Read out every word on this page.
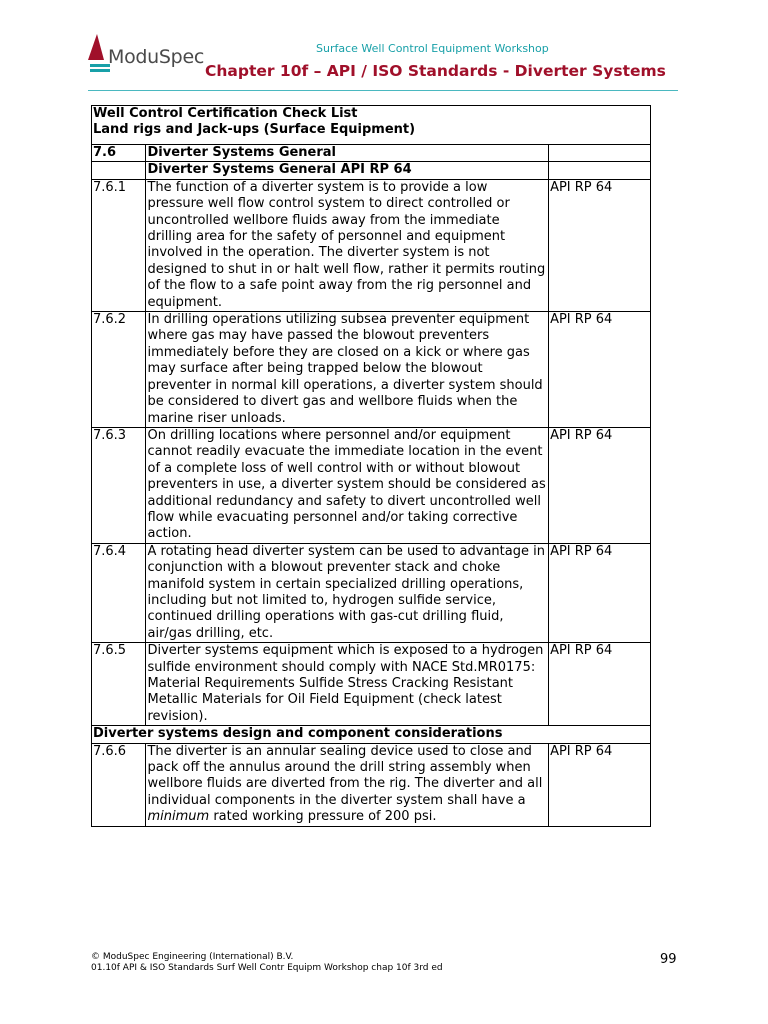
ModuSpec	Surface Well Control Equipment Workshop
Chapter 10f – API / ISO Standards - Diverter Systems
Well Control Certification Check List
Land rigs and Jack-ups (Surface Equipment)		

7.6	Diverter Systems General	
	Diverter Systems General API RP 64	
7.6.1	The function of a diverter system is to provide a low pressure well flow control system to direct controlled or uncontrolled wellbore fluids away from the immediate drilling area for the safety of personnel and equipment involved in the operation. The diverter system is not designed to shut in or halt well flow, rather it permits routing of the flow to a safe point away from the rig personnel and equipment.	API RP 64
7.6.2	In drilling operations utilizing subsea preventer equipment where gas may have passed the blowout preventers immediately before they are closed on a kick or where gas may surface after being trapped below the blowout preventer in normal kill operations, a diverter system should be considered to divert gas and wellbore fluids when the marine riser unloads.	API RP 64
7.6.3	On drilling locations where personnel and/or equipment cannot readily evacuate the immediate location in the event of a complete loss of well control with or without blowout preventers in use, a diverter system should be considered as additional redundancy and safety to divert uncontrolled well flow while evacuating personnel and/or taking corrective action.	API RP 64
7.6.4	A rotating head diverter system can be used to advantage in conjunction with a blowout preventer stack and choke manifold system in certain specialized drilling operations, including but not limited to, hydrogen sulfide service, continued drilling operations with gas-cut drilling fluid, air/gas drilling, etc.	API RP 64
7.6.5	Diverter systems equipment which is exposed to a hydrogen sulfide environment should comply with NACE Std.MR0175: Material Requirements Sulfide Stress Cracking Resistant Metallic Materials for Oil Field Equipment (check latest revision).	API RP 64
Diverter systems design and component considerations		
7.6.6	The diverter is an annular sealing device used to close and pack off the annulus around the drill string assembly when wellbore fluids are diverted from the rig. The diverter and all individual components in the diverter system shall have a minimum rated working pressure of 200 psi.	API RP 64
© ModuSpec Engineering (International) B.V.
01.10f API & ISO Standards Surf Well Contr Equipm Workshop chap 10f 3rd ed
99
